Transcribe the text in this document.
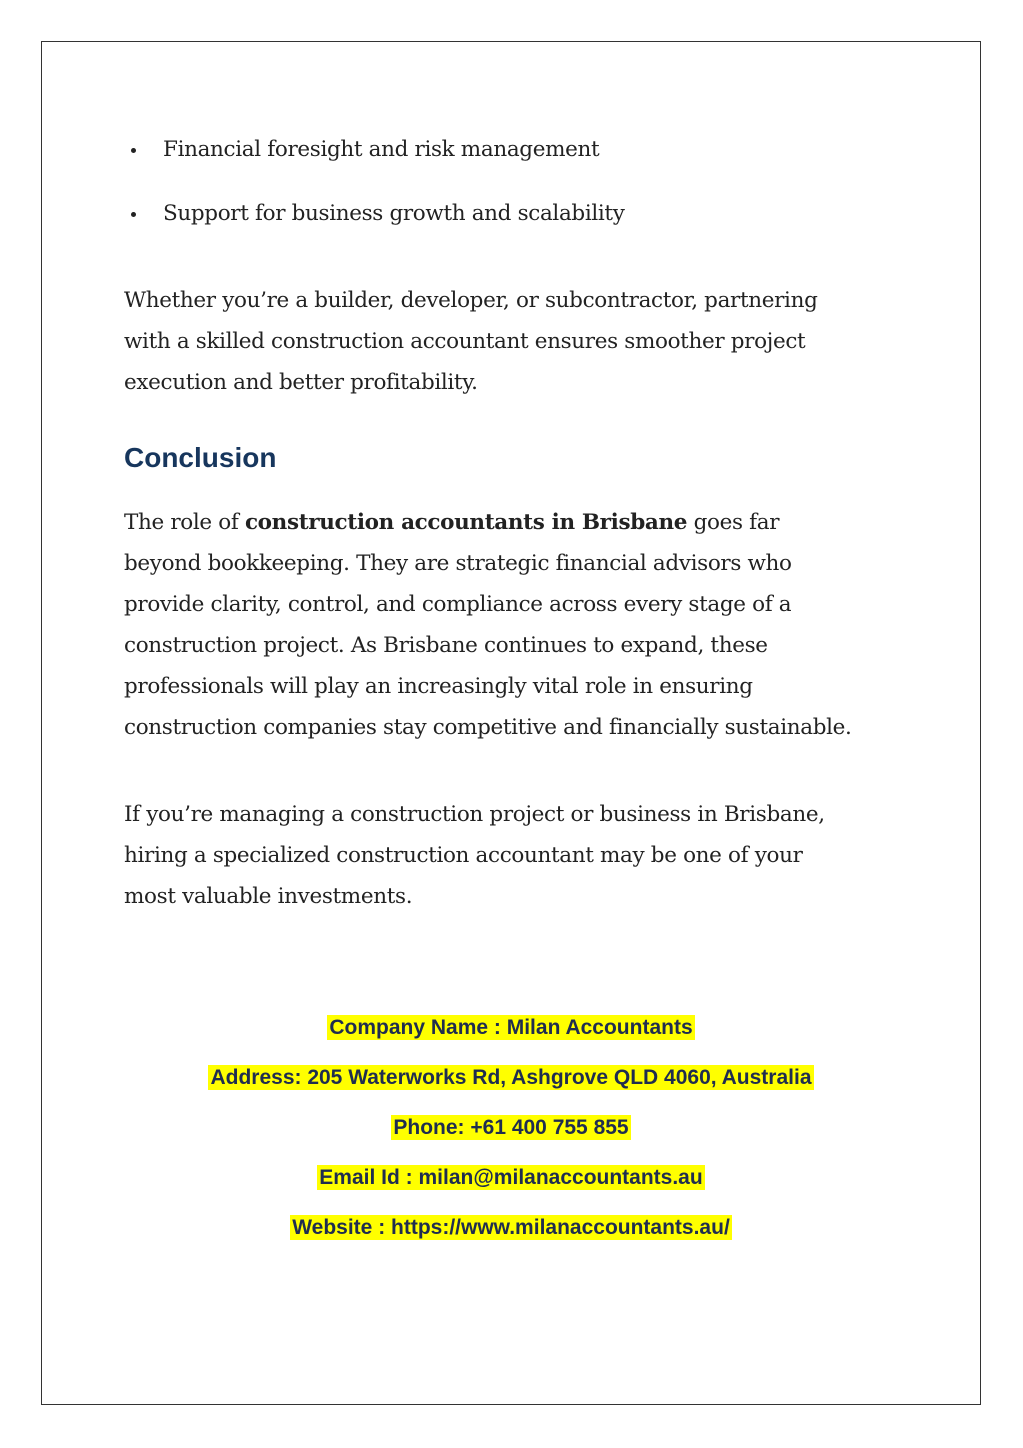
Financial foresight and risk management
Support for business growth and scalability

Whether you’re a builder, developer, or subcontractor, partnering
with a skilled construction accountant ensures smoother project
execution and better profitability.

Conclusion

The role of construction accountants in Brisbane goes far
beyond bookkeeping. They are strategic financial advisors who
provide clarity, control, and compliance across every stage of a
construction project. As Brisbane continues to expand, these
professionals will play an increasingly vital role in ensuring
construction companies stay competitive and financially sustainable.

If you’re managing a construction project or business in Brisbane,
hiring a specialized construction accountant may be one of your
most valuable investments.

Company Name : Milan Accountants
Address: 205 Waterworks Rd, Ashgrove QLD 4060, Australia
Phone: +61 400 755 855
Email Id : milan@milanaccountants.au
Website : https://www.milanaccountants.au/
